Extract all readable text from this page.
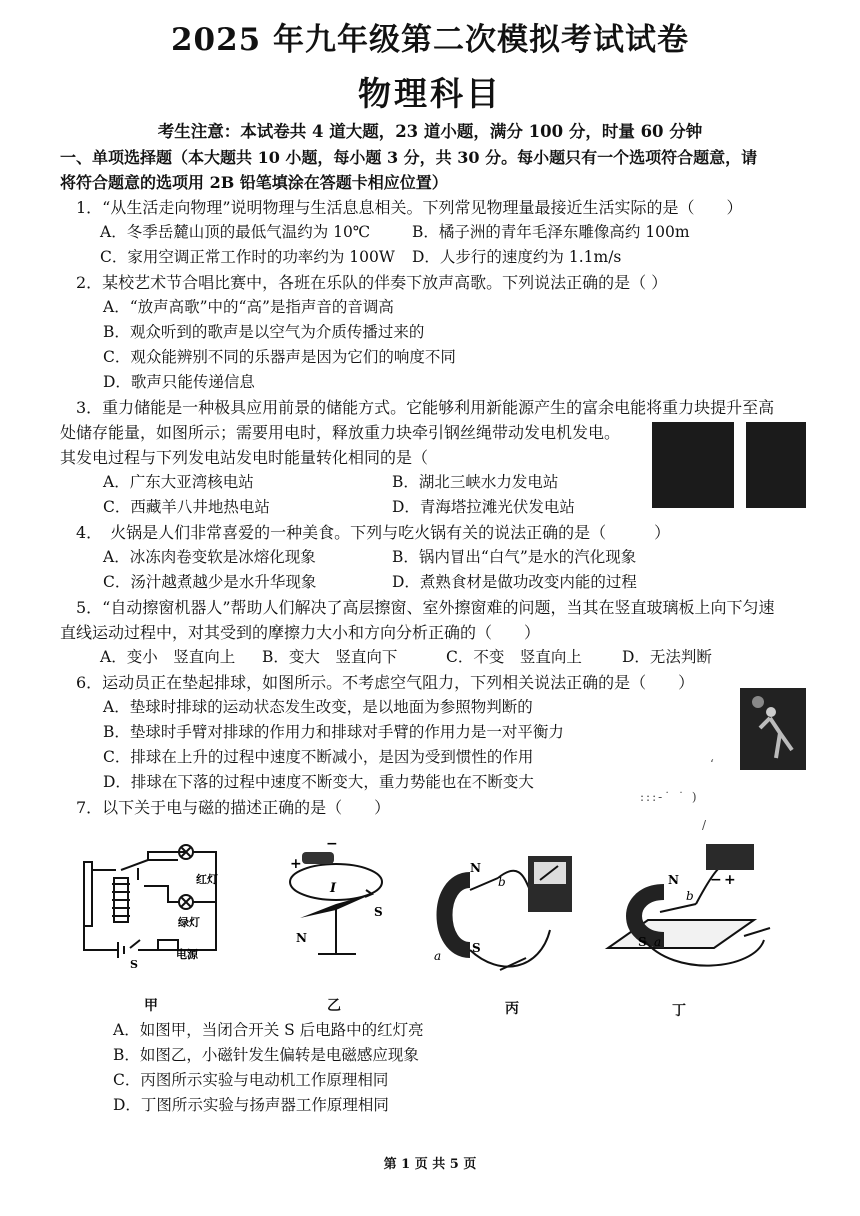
2025 年九年级第二次模拟考试试卷
物理科目
考生注意：本试卷共 4 道大题，23 道小题，满分 100 分，时量 60 分钟
一、单项选择题（本大题共 10 小题，每小题 3 分，共 30 分。每小题只有一个选项符合题意，请
将符合题意的选项用 2B 铅笔填涂在答题卡相应位置）
1．“从生活走向物理”说明物理与生活息息相关。下列常见物理量最接近生活实际的是（　　）
A．冬季岳麓山顶的最低气温约为 10℃	B．橘子洲的青年毛泽东雕像高约 100m
C．家用空调正常工作时的功率约为 100W D．人步行的速度约为 1.1m/s
2．某校艺术节合唱比赛中，各班在乐队的伴奏下放声高歌。下列说法正确的是（ ）
A．“放声高歌”中的“高”是指声音的音调高
B．观众听到的歌声是以空气为介质传播过来的
C．观众能辨别不同的乐器声是因为它们的响度不同
D．歌声只能传递信息
3．重力储能是一种极具应用前景的储能方式。它能够利用新能源产生的富余电能将重力块提升至高
处储存能量，如图所示；需要用电时，释放重力块牵引钢丝绳带动发电机发电。
其发电过程与下列发电站发电时能量转化相同的是（
A．广东大亚湾核电站	B．湖北三峡水力发电站
C．西藏羊八井地热电站	D．青海塔拉滩光伏发电站
4．　火锅是人们非常喜爱的一种美食。下列与吃火锅有关的说法正确的是（　　　）
A．冰冻肉卷变软是冰熔化现象	B．锅内冒出“白气”是水的汽化现象
C．汤汁越煮越少是水升华现象	D．煮熟食材是做功改变内能的过程
5．“自动擦窗机器人”帮助人们解决了高层擦窗、室外擦窗难的问题，当其在竖直玻璃板上向下匀速
直线运动过程中，对其受到的摩擦力大小和方向分析正确的（　　）
A．变小　竖直向上 B．变大　竖直向下	C．不变　竖直向上	D．无法判断
6．运动员正在垫起排球，如图所示。不考虑空气阻力，下列相关说法正确的是（　　）
A．垫球时排球的运动状态发生改变，是以地面为参照物判断的
B．垫球时手臂对排球的作用力和排球对手臂的作用力是一对平衡力
C．排球在上升的过程中速度不断减小，是因为受到惯性的作用
D．排球在下落的过程中速度不断变大，重力势能也在不断变大
‘
:::-˙ ˙ )
/
7．以下关于电与磁的描述正确的是（　　）
红灯
绿灯
S
电源
甲
+
−
I
N
S
乙
N
S
a
b
丙
N
S a
b
− +
丁
A．如图甲，当闭合开关 S 后电路中的红灯亮
B．如图乙，小磁针发生偏转是电磁感应现象
C．丙图所示实验与电动机工作原理相同
D．丁图所示实验与扬声器工作原理相同
第 1 页 共 5 页
